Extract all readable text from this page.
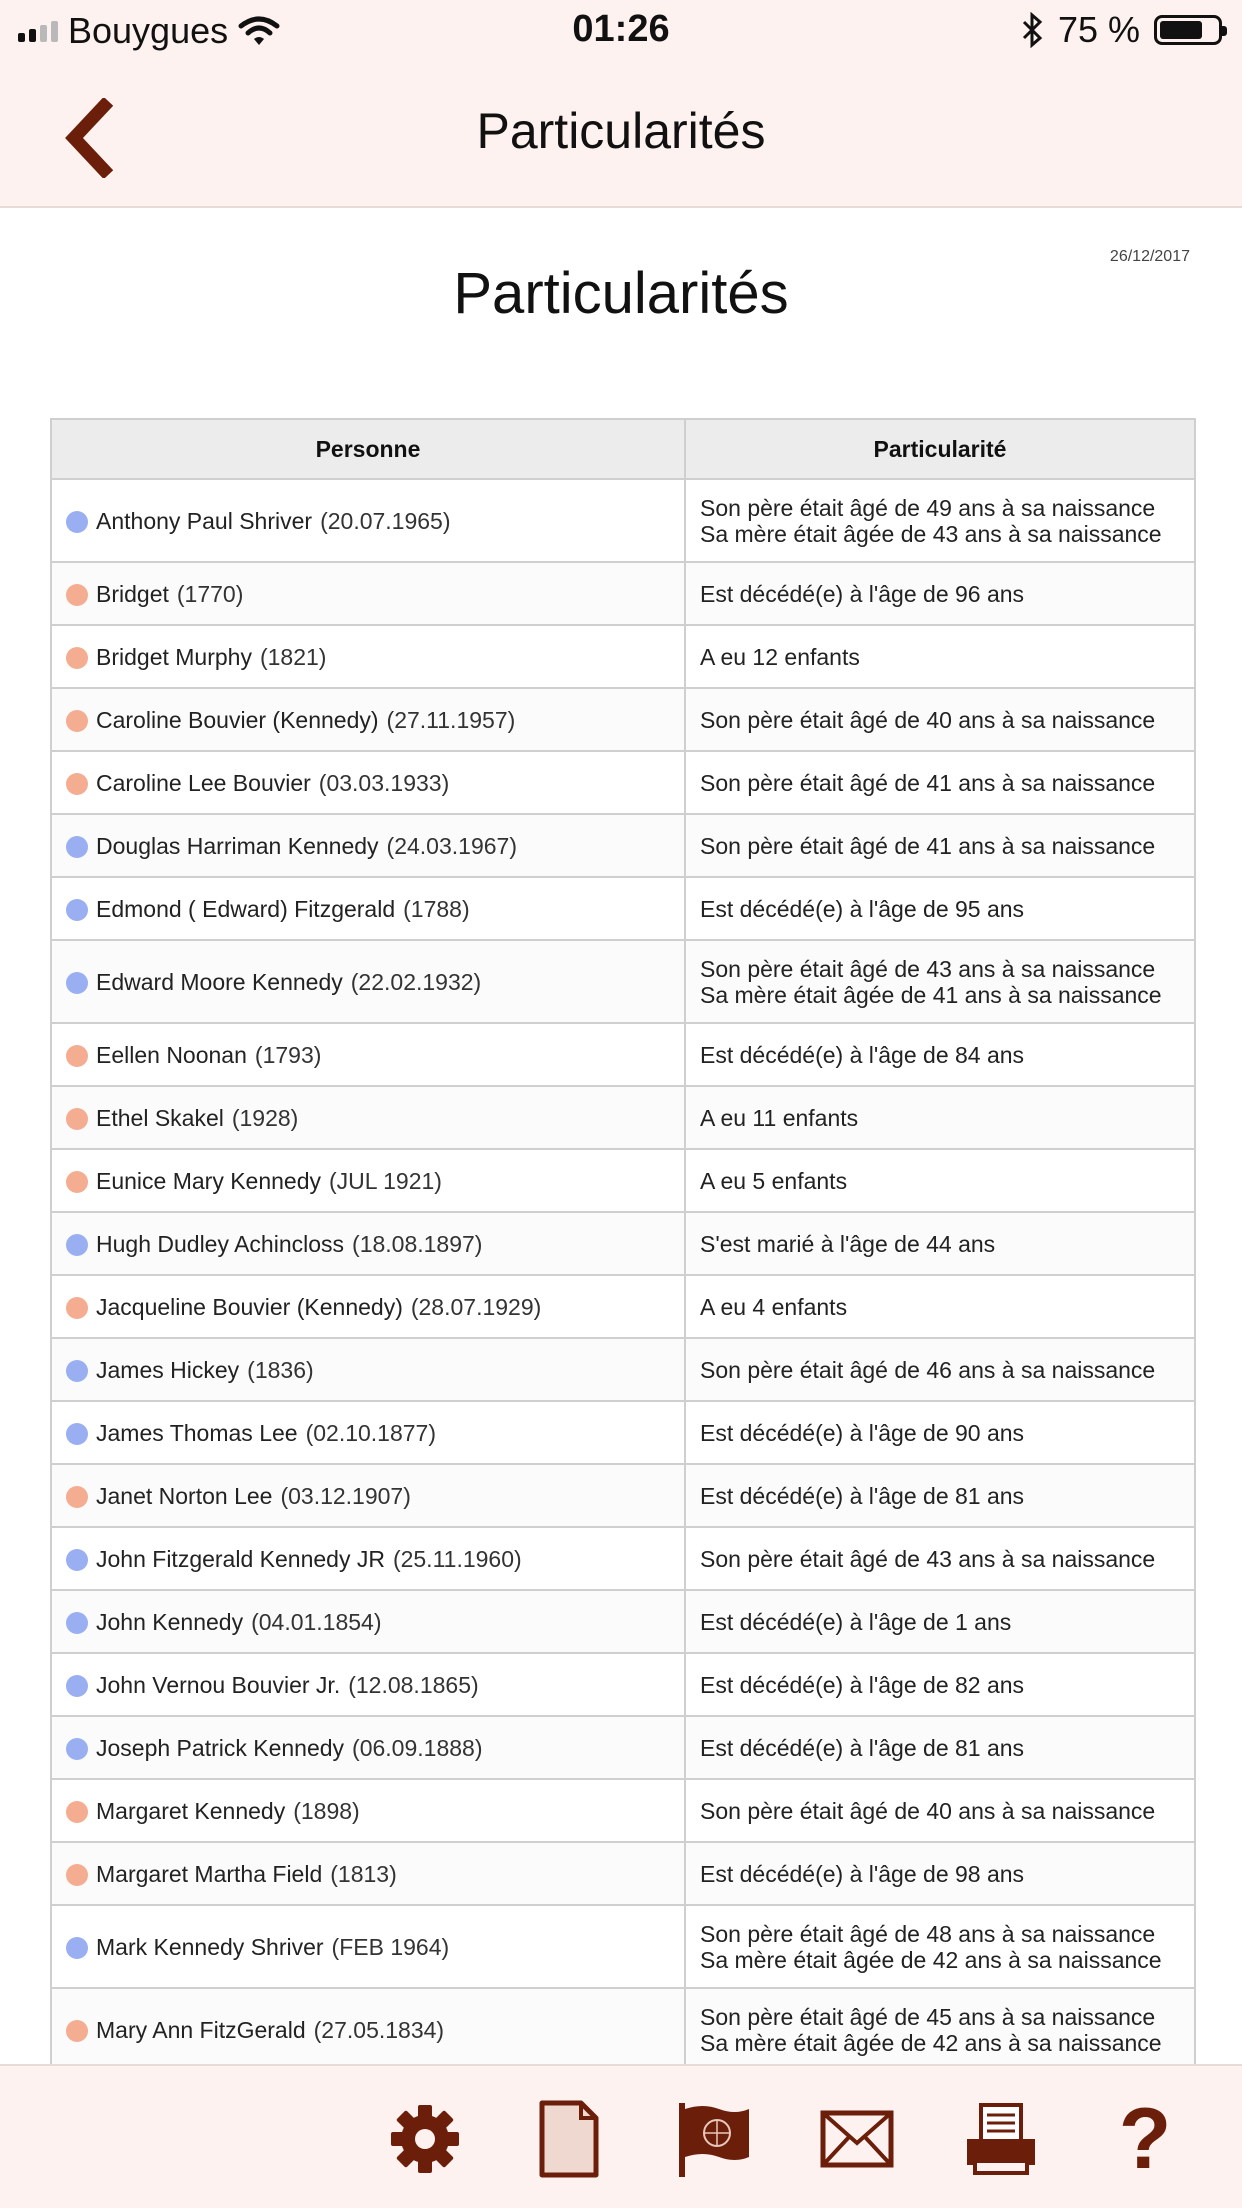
Bouygues	01:26	75 %
Particularités
26/12/2017
Particularités
Personne	Particularité
Anthony Paul Shriver (20.07.1965)	Son père était âgé de 49 ans à sa naissance
Sa mère était âgée de 43 ans à sa naissance

Bridget (1770)	Est décédé(e) à l'âge de 96 ans

Bridget Murphy (1821)	A eu 12 enfants

Caroline Bouvier (Kennedy) (27.11.1957)	Son père était âgé de 40 ans à sa naissance

Caroline Lee Bouvier (03.03.1933)	Son père était âgé de 41 ans à sa naissance

Douglas Harriman Kennedy (24.03.1967)	Son père était âgé de 41 ans à sa naissance

Edmond ( Edward) Fitzgerald (1788)	Est décédé(e) à l'âge de 95 ans

Edward Moore Kennedy (22.02.1932)	Son père était âgé de 43 ans à sa naissance
Sa mère était âgée de 41 ans à sa naissance

Eellen Noonan (1793)	Est décédé(e) à l'âge de 84 ans

Ethel Skakel (1928)	A eu 11 enfants

Eunice Mary Kennedy (JUL 1921)	A eu 5 enfants

Hugh Dudley Achincloss (18.08.1897)	S'est marié à l'âge de 44 ans

Jacqueline Bouvier (Kennedy) (28.07.1929)	A eu 4 enfants

James Hickey (1836)	Son père était âgé de 46 ans à sa naissance

James Thomas Lee (02.10.1877)	Est décédé(e) à l'âge de 90 ans

Janet Norton Lee (03.12.1907)	Est décédé(e) à l'âge de 81 ans

John Fitzgerald Kennedy JR (25.11.1960)	Son père était âgé de 43 ans à sa naissance

John Kennedy (04.01.1854)	Est décédé(e) à l'âge de 1 ans

John Vernou Bouvier Jr. (12.08.1865)	Est décédé(e) à l'âge de 82 ans

Joseph Patrick Kennedy (06.09.1888)	Est décédé(e) à l'âge de 81 ans

Margaret Kennedy (1898)	Son père était âgé de 40 ans à sa naissance

Margaret Martha Field (1813)	Est décédé(e) à l'âge de 98 ans

Mark Kennedy Shriver (FEB 1964)	Son père était âgé de 48 ans à sa naissance
Sa mère était âgée de 42 ans à sa naissance

Mary Ann FitzGerald (27.05.1834)	Son père était âgé de 45 ans à sa naissance
Sa mère était âgée de 42 ans à sa naissance
?
